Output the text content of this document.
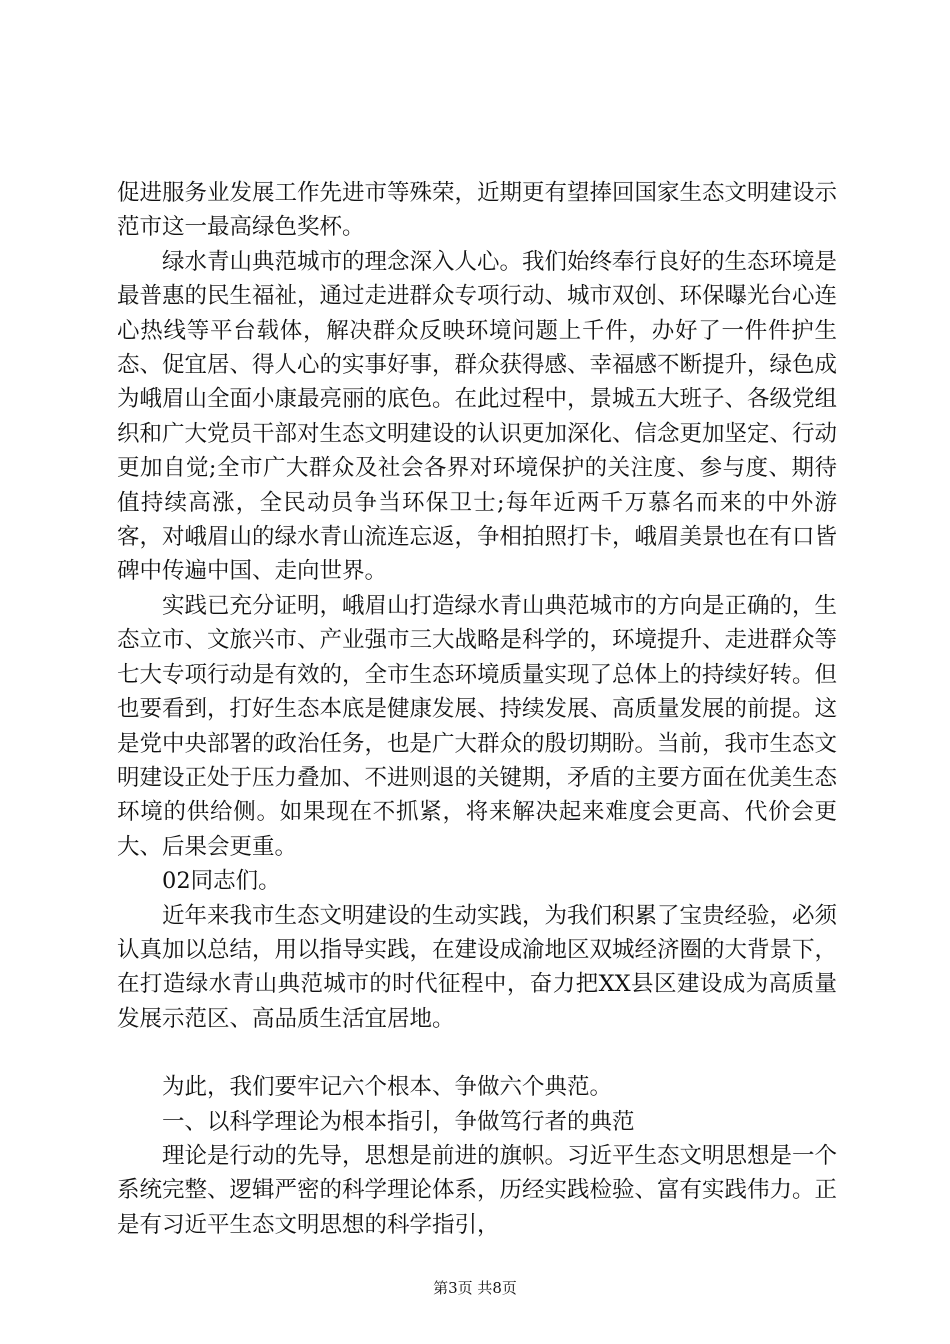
促进服务业发展工作先进市等殊荣，近期更有望捧回国家生态文明建设示范市这一最高绿色奖杯。

绿水青山典范城市的理念深入人心。我们始终奉行良好的生态环境是最普惠的民生福祉，通过走进群众专项行动、城市双创、环保曝光台心连心热线等平台载体，解决群众反映环境问题上千件，办好了一件件护生态、促宜居、得人心的实事好事，群众获得感、幸福感不断提升，绿色成为峨眉山全面小康最亮丽的底色。在此过程中，景城五大班子、各级党组织和广大党员干部对生态文明建设的认识更加深化、信念更加坚定、行动更加自觉;全市广大群众及社会各界对环境保护的关注度、参与度、期待值持续高涨，全民动员争当环保卫士;每年近两千万慕名而来的中外游客，对峨眉山的绿水青山流连忘返，争相拍照打卡，峨眉美景也在有口皆碑中传遍中国、走向世界。

实践已充分证明，峨眉山打造绿水青山典范城市的方向是正确的，生态立市、文旅兴市、产业强市三大战略是科学的，环境提升、走进群众等七大专项行动是有效的，全市生态环境质量实现了总体上的持续好转。但也要看到，打好生态本底是健康发展、持续发展、高质量发展的前提。这是党中央部署的政治任务，也是广大群众的殷切期盼。当前，我市生态文明建设正处于压力叠加、不进则退的关键期，矛盾的主要方面在优美生态环境的供给侧。如果现在不抓紧，将来解决起来难度会更高、代价会更大、后果会更重。

02同志们。

近年来我市生态文明建设的生动实践，为我们积累了宝贵经验，必须认真加以总结，用以指导实践，在建设成渝地区双城经济圈的大背景下，在打造绿水青山典范城市的时代征程中，奋力把XX县区建设成为高质量发展示范区、高品质生活宜居地。

为此，我们要牢记六个根本、争做六个典范。

一、以科学理论为根本指引，争做笃行者的典范

理论是行动的先导，思想是前进的旗帜。习近平生态文明思想是一个系统完整、逻辑严密的科学理论体系，历经实践检验、富有实践伟力。正是有习近平生态文明思想的科学指引，

第3页 共8页
